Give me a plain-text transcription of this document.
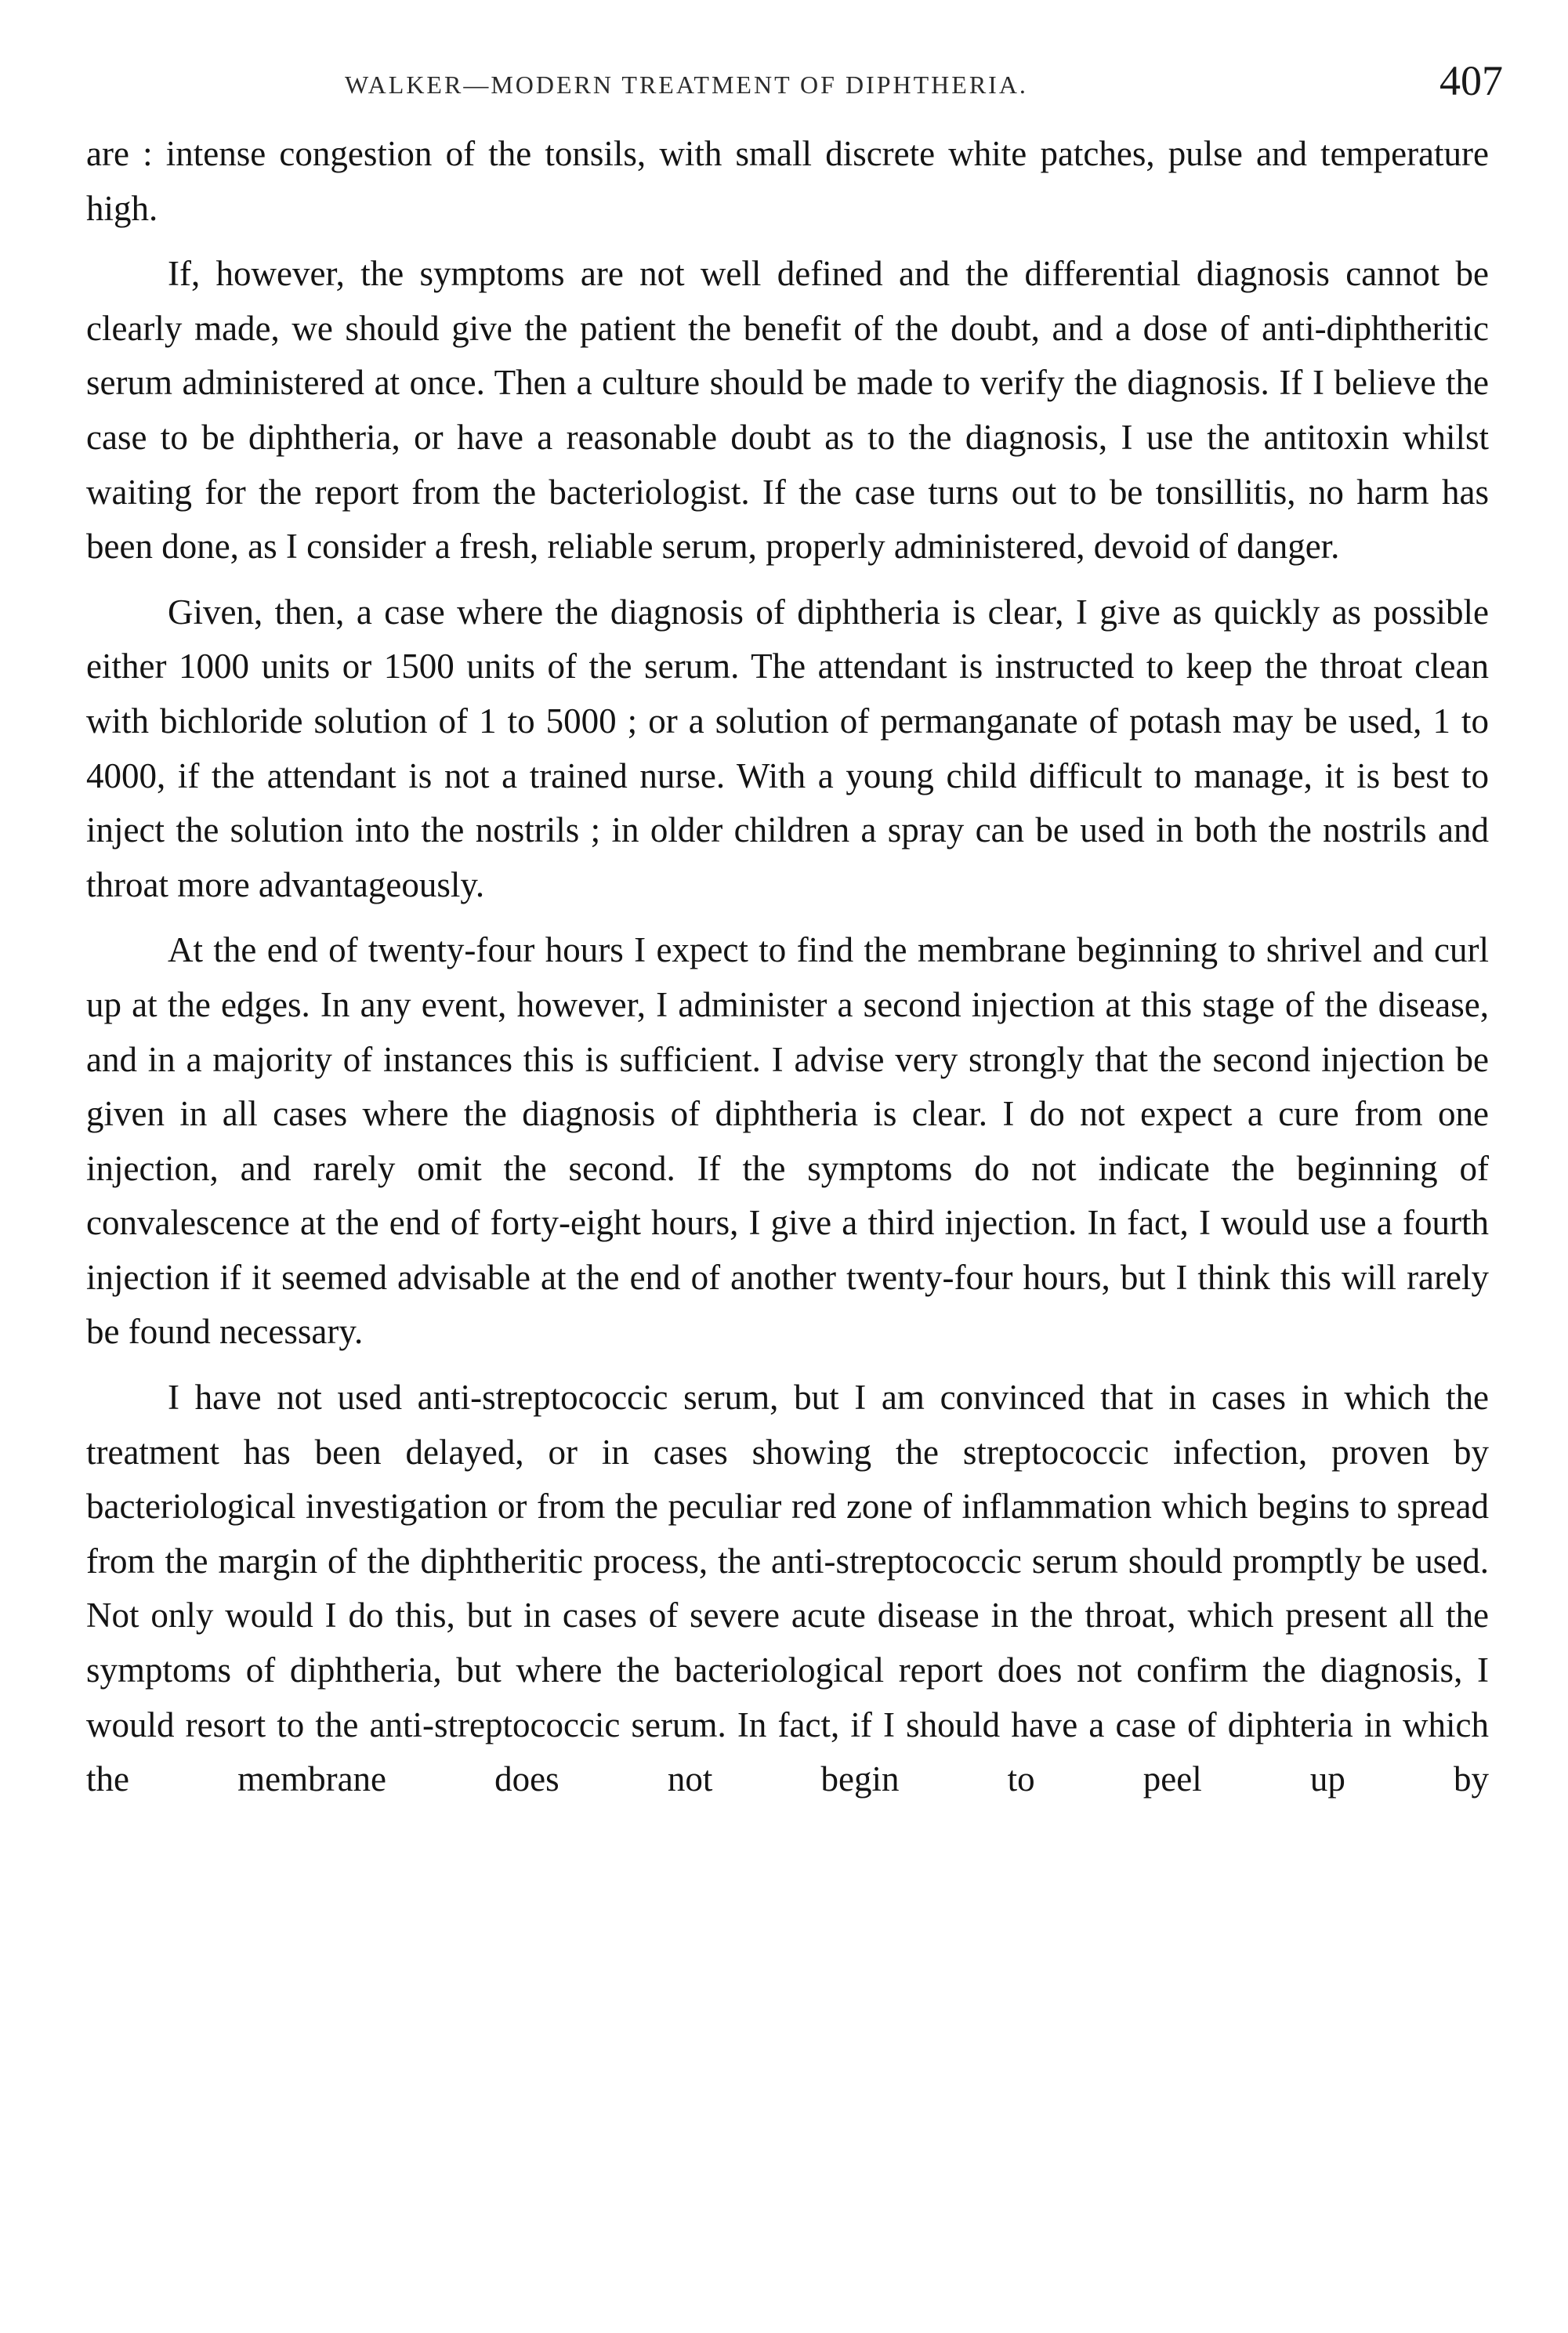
WALKER—MODERN TREATMENT OF DIPHTHERIA.	407

are : intense congestion of the tonsils, with small discrete white patches, pulse and temperature high.

If, however, the symptoms are not well defined and the differential diagnosis cannot be clearly made, we should give the patient the benefit of the doubt, and a dose of anti-diphtheritic serum administered at once. Then a culture should be made to verify the diagnosis. If I believe the case to be diphtheria, or have a reasonable doubt as to the diagnosis, I use the antitoxin whilst waiting for the report from the bacteriologist. If the case turns out to be tonsillitis, no harm has been done, as I consider a fresh, reliable serum, properly administered, devoid of danger.

Given, then, a case where the diagnosis of diphtheria is clear, I give as quickly as possible either 1000 units or 1500 units of the serum. The attendant is instructed to keep the throat clean with bichloride solution of 1 to 5000 ; or a solution of permanganate of potash may be used, 1 to 4000, if the attendant is not a trained nurse. With a young child difficult to manage, it is best to inject the solution into the nostrils ; in older children a spray can be used in both the nostrils and throat more advantageously.

At the end of twenty-four hours I expect to find the membrane beginning to shrivel and curl up at the edges. In any event, however, I administer a second injection at this stage of the disease, and in a majority of instances this is sufficient. I advise very strongly that the second injection be given in all cases where the diagnosis of diphtheria is clear. I do not expect a cure from one injection, and rarely omit the second. If the symptoms do not indicate the beginning of convalescence at the end of forty-eight hours, I give a third injection. In fact, I would use a fourth injection if it seemed advisable at the end of another twenty-four hours, but I think this will rarely be found necessary.

I have not used anti-streptococcic serum, but I am convinced that in cases in which the treatment has been delayed, or in cases showing the streptococcic infection, proven by bacteriological investigation or from the peculiar red zone of inflammation which begins to spread from the margin of the diphtheritic process, the anti-streptococcic serum should promptly be used. Not only would I do this, but in cases of severe acute disease in the throat, which present all the symptoms of diphtheria, but where the bacteriological report does not confirm the diagnosis, I would resort to the anti-streptococcic serum. In fact, if I should have a case of diphteria in which the membrane does not begin to peel up by
